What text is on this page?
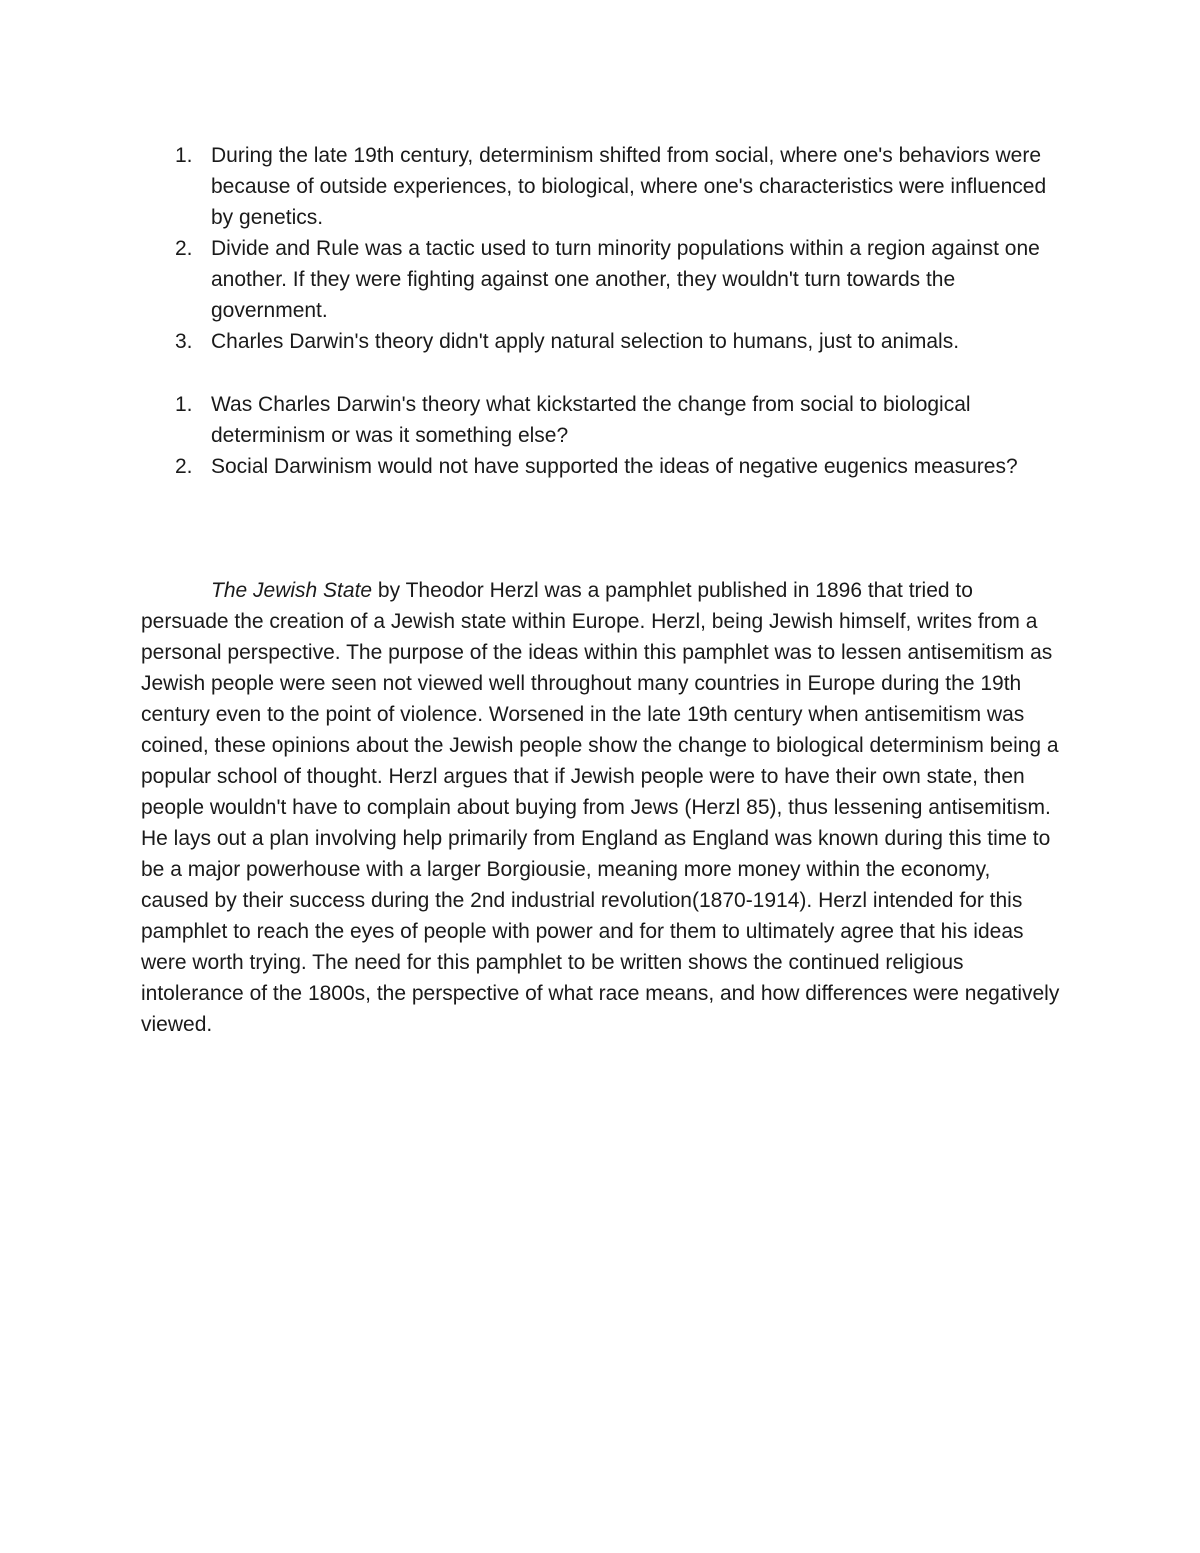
1. During the late 19th century, determinism shifted from social, where one's behaviors were because of outside experiences, to biological, where one's characteristics were influenced by genetics.
2. Divide and Rule was a tactic used to turn minority populations within a region against one another. If they were fighting against one another, they wouldn't turn towards the government.
3. Charles Darwin's theory didn't apply natural selection to humans, just to animals.
1. Was Charles Darwin's theory what kickstarted the change from social to biological determinism or was it something else?
2. Social Darwinism would not have supported the ideas of negative eugenics measures?

The Jewish State by Theodor Herzl was a pamphlet published in 1896 that tried to persuade the creation of a Jewish state within Europe. Herzl, being Jewish himself, writes from a personal perspective. The purpose of the ideas within this pamphlet was to lessen antisemitism as Jewish people were seen not viewed well throughout many countries in Europe during the 19th century even to the point of violence. Worsened in the late 19th century when antisemitism was coined, these opinions about the Jewish people show the change to biological determinism being a popular school of thought. Herzl argues that if Jewish people were to have their own state, then people wouldn't have to complain about buying from Jews (Herzl 85), thus lessening antisemitism. He lays out a plan involving help primarily from England as England was known during this time to be a major powerhouse with a larger Borgiousie, meaning more money within the economy, caused by their success during the 2nd industrial revolution(1870-1914). Herzl intended for this pamphlet to reach the eyes of people with power and for them to ultimately agree that his ideas were worth trying. The need for this pamphlet to be written shows the continued religious intolerance of the 1800s, the perspective of what race means, and how differences were negatively viewed.
